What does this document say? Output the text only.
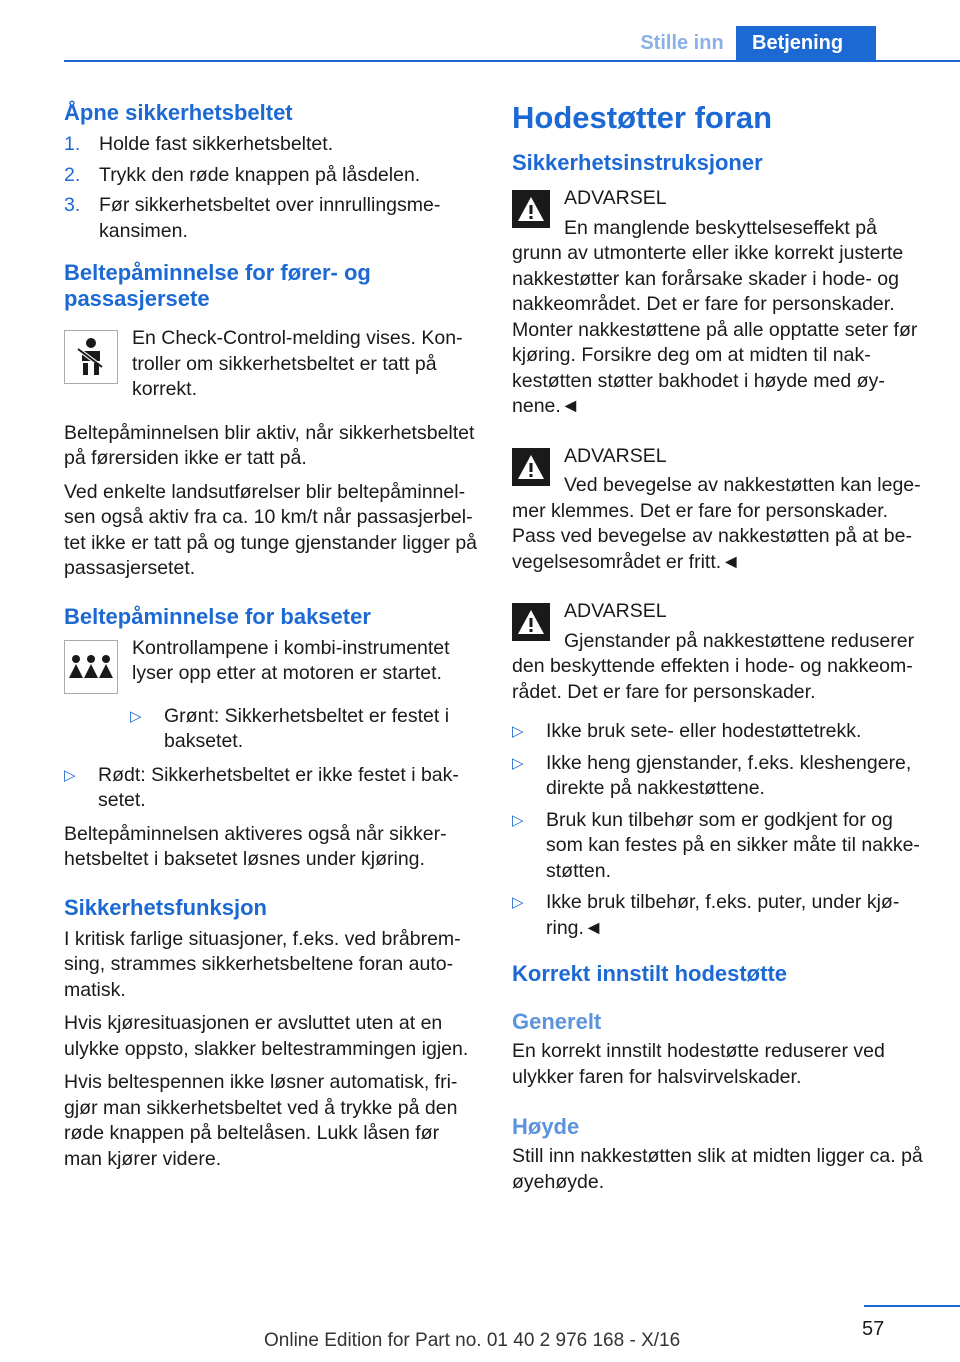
Stille inn	Betjening
Åpne sikkerhetsbeltet
1. Holde fast sikkerhetsbeltet.
2. Trykk den røde knappen på låsdelen.
3. Før sikkerhetsbeltet over innrullingsmekansimen.
Beltepåminnelse for fører- og passasjersete

En Check-Control-melding vises. Kontroller om sikkerhetsbeltet er tatt på korrekt.

Beltepåminnelsen blir aktiv, når sikkerhetsbeltet på førersiden ikke er tatt på.

Ved enkelte landsutførelser blir beltepåminnelsen også aktiv fra ca. 10 km/t når passasjerbeltet ikke er tatt på og tunge gjenstander ligger på passasjersetet.

Beltepåminnelse for bakseter

Kontrollampene i kombi-instrumentet lyser opp etter at motoren er startet.

▷ Grønt: Sikkerhetsbeltet er festet i baksetet.
▷ Rødt: Sikkerhetsbeltet er ikke festet i baksetet.

Beltepåminnelsen aktiveres også når sikkerhetsbeltet i baksetet løsnes under kjøring.

Sikkerhetsfunksjon

I kritisk farlige situasjoner, f.eks. ved bråbremsing, strammes sikkerhetsbeltene foran automatisk.

Hvis kjøresituasjonen er avsluttet uten at en ulykke oppsto, slakker beltestrammingen igjen.

Hvis beltespennen ikke løsner automatisk, frigjør man sikkerhetsbeltet ved å trykke på den røde knappen på beltelåsen. Lukk låsen før man kjører videre.

Hodestøtter foran
Sikkerhetsinstruksjoner

ADVARSEL

En manglende beskyttelseseffekt på grunn av utmonterte eller ikke korrekt justerte nakkestøtter kan forårsake skader i hode- og nakkeområdet. Det er fare for personskader. Monter nakkestøttene på alle opptatte seter før kjøring. Forsikre deg om at midten til nakkestøtten støtter bakhodet i høyde med øynene.◄

ADVARSEL

Ved bevegelse av nakkestøtten kan legemer klemmes. Det er fare for personskader. Pass ved bevegelse av nakkestøtten på at bevegelsesområdet er fritt.◄

ADVARSEL

Gjenstander på nakkestøttene reduserer den beskyttende effekten i hode- og nakkeområdet. Det er fare for personskader.

▷ Ikke bruk sete- eller hodestøttetrekk.
▷ Ikke heng gjenstander, f.eks. kleshengere, direkte på nakkestøttene.
▷ Bruk kun tilbehør som er godkjent for og som kan festes på en sikker måte til nakkestøtten.
▷ Ikke bruk tilbehør, f.eks. puter, under kjøring.◄
Korrekt innstilt hodestøtte
Generelt

En korrekt innstilt hodestøtte reduserer ved ulykker faren for halsvirvelskader.

Høyde

Still inn nakkestøtten slik at midten ligger ca. på øyehøyde.

57
Online Edition for Part no. 01 40 2 976 168 - X/16
